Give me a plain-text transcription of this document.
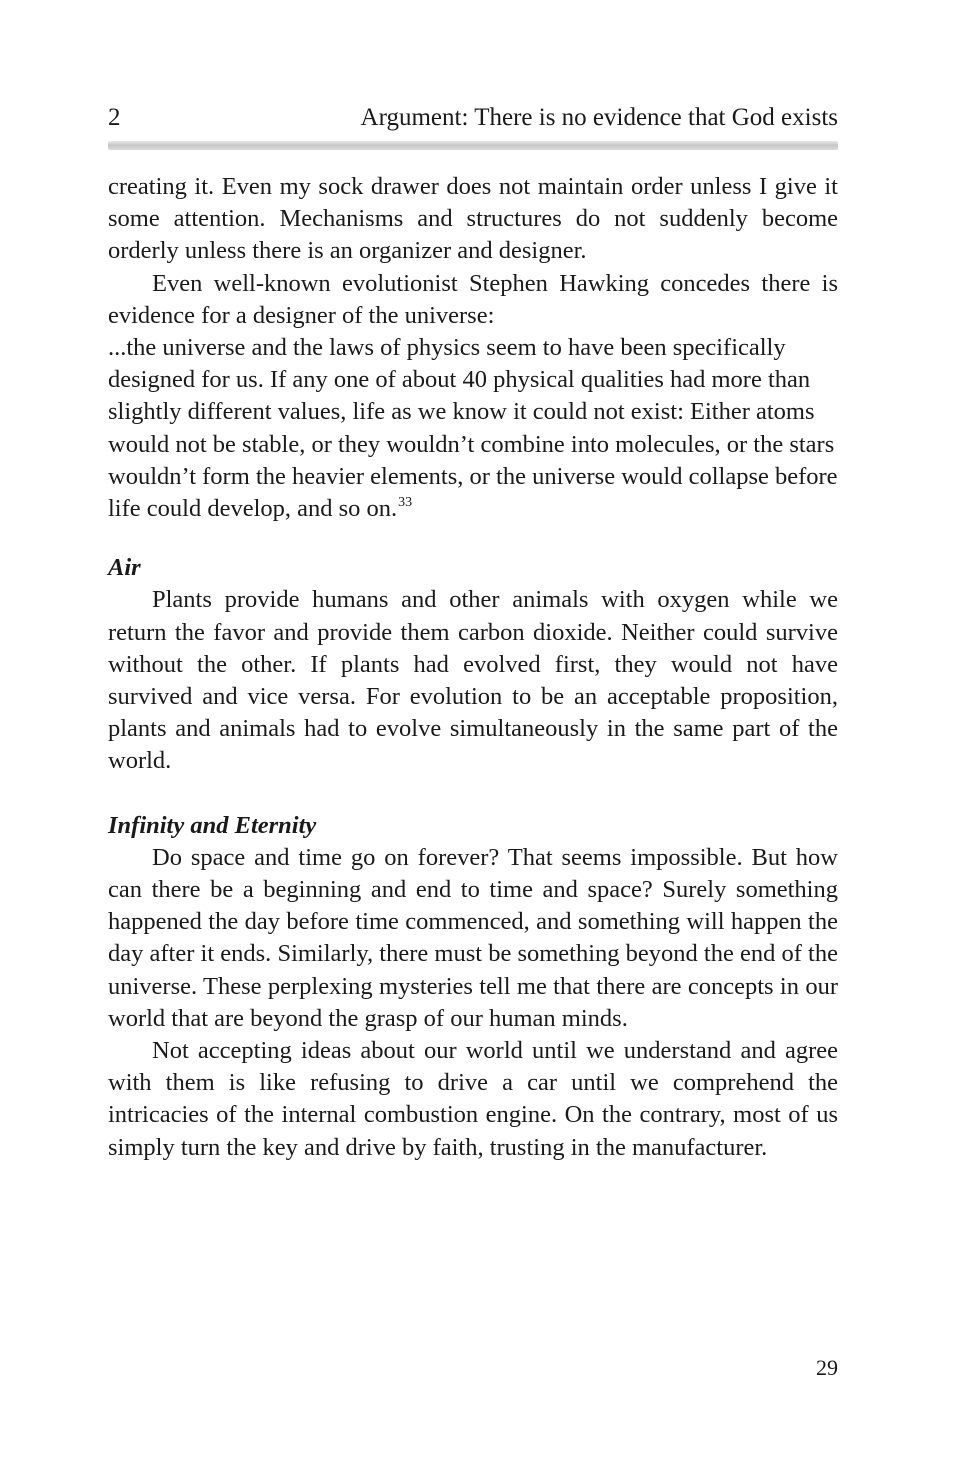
2	Argument: There is no evidence that God exists

creating it. Even my sock drawer does not maintain order unless I give it some attention. Mechanisms and structures do not suddenly become orderly unless there is an organizer and designer.

Even well-known evolutionist Stephen Hawking concedes there is evidence for a designer of the universe:

...the universe and the laws of physics seem to have been specifically designed for us. If any one of about 40 physical qualities had more than slightly different values, life as we know it could not exist: Either atoms would not be stable, or they wouldn’t combine into molecules, or the stars wouldn’t form the heavier elements, or the universe would collapse before life could develop, and so on.$^{33}$

Air

Plants provide humans and other animals with oxygen while we return the favor and provide them carbon dioxide. Neither could survive without the other. If plants had evolved first, they would not have survived and vice versa. For evolution to be an acceptable proposition, plants and animals had to evolve simultaneously in the same part of the world.

Infinity and Eternity

Do space and time go on forever? That seems impossible. But how can there be a beginning and end to time and space? Surely something happened the day before time commenced, and something will happen the day after it ends. Similarly, there must be something beyond the end of the universe. These perplexing mysteries tell me that there are concepts in our world that are beyond the grasp of our human minds.

Not accepting ideas about our world until we understand and agree with them is like refusing to drive a car until we comprehend the intricacies of the internal combustion engine. On the contrary, most of us simply turn the key and drive by faith, trusting in the manufacturer.

29
